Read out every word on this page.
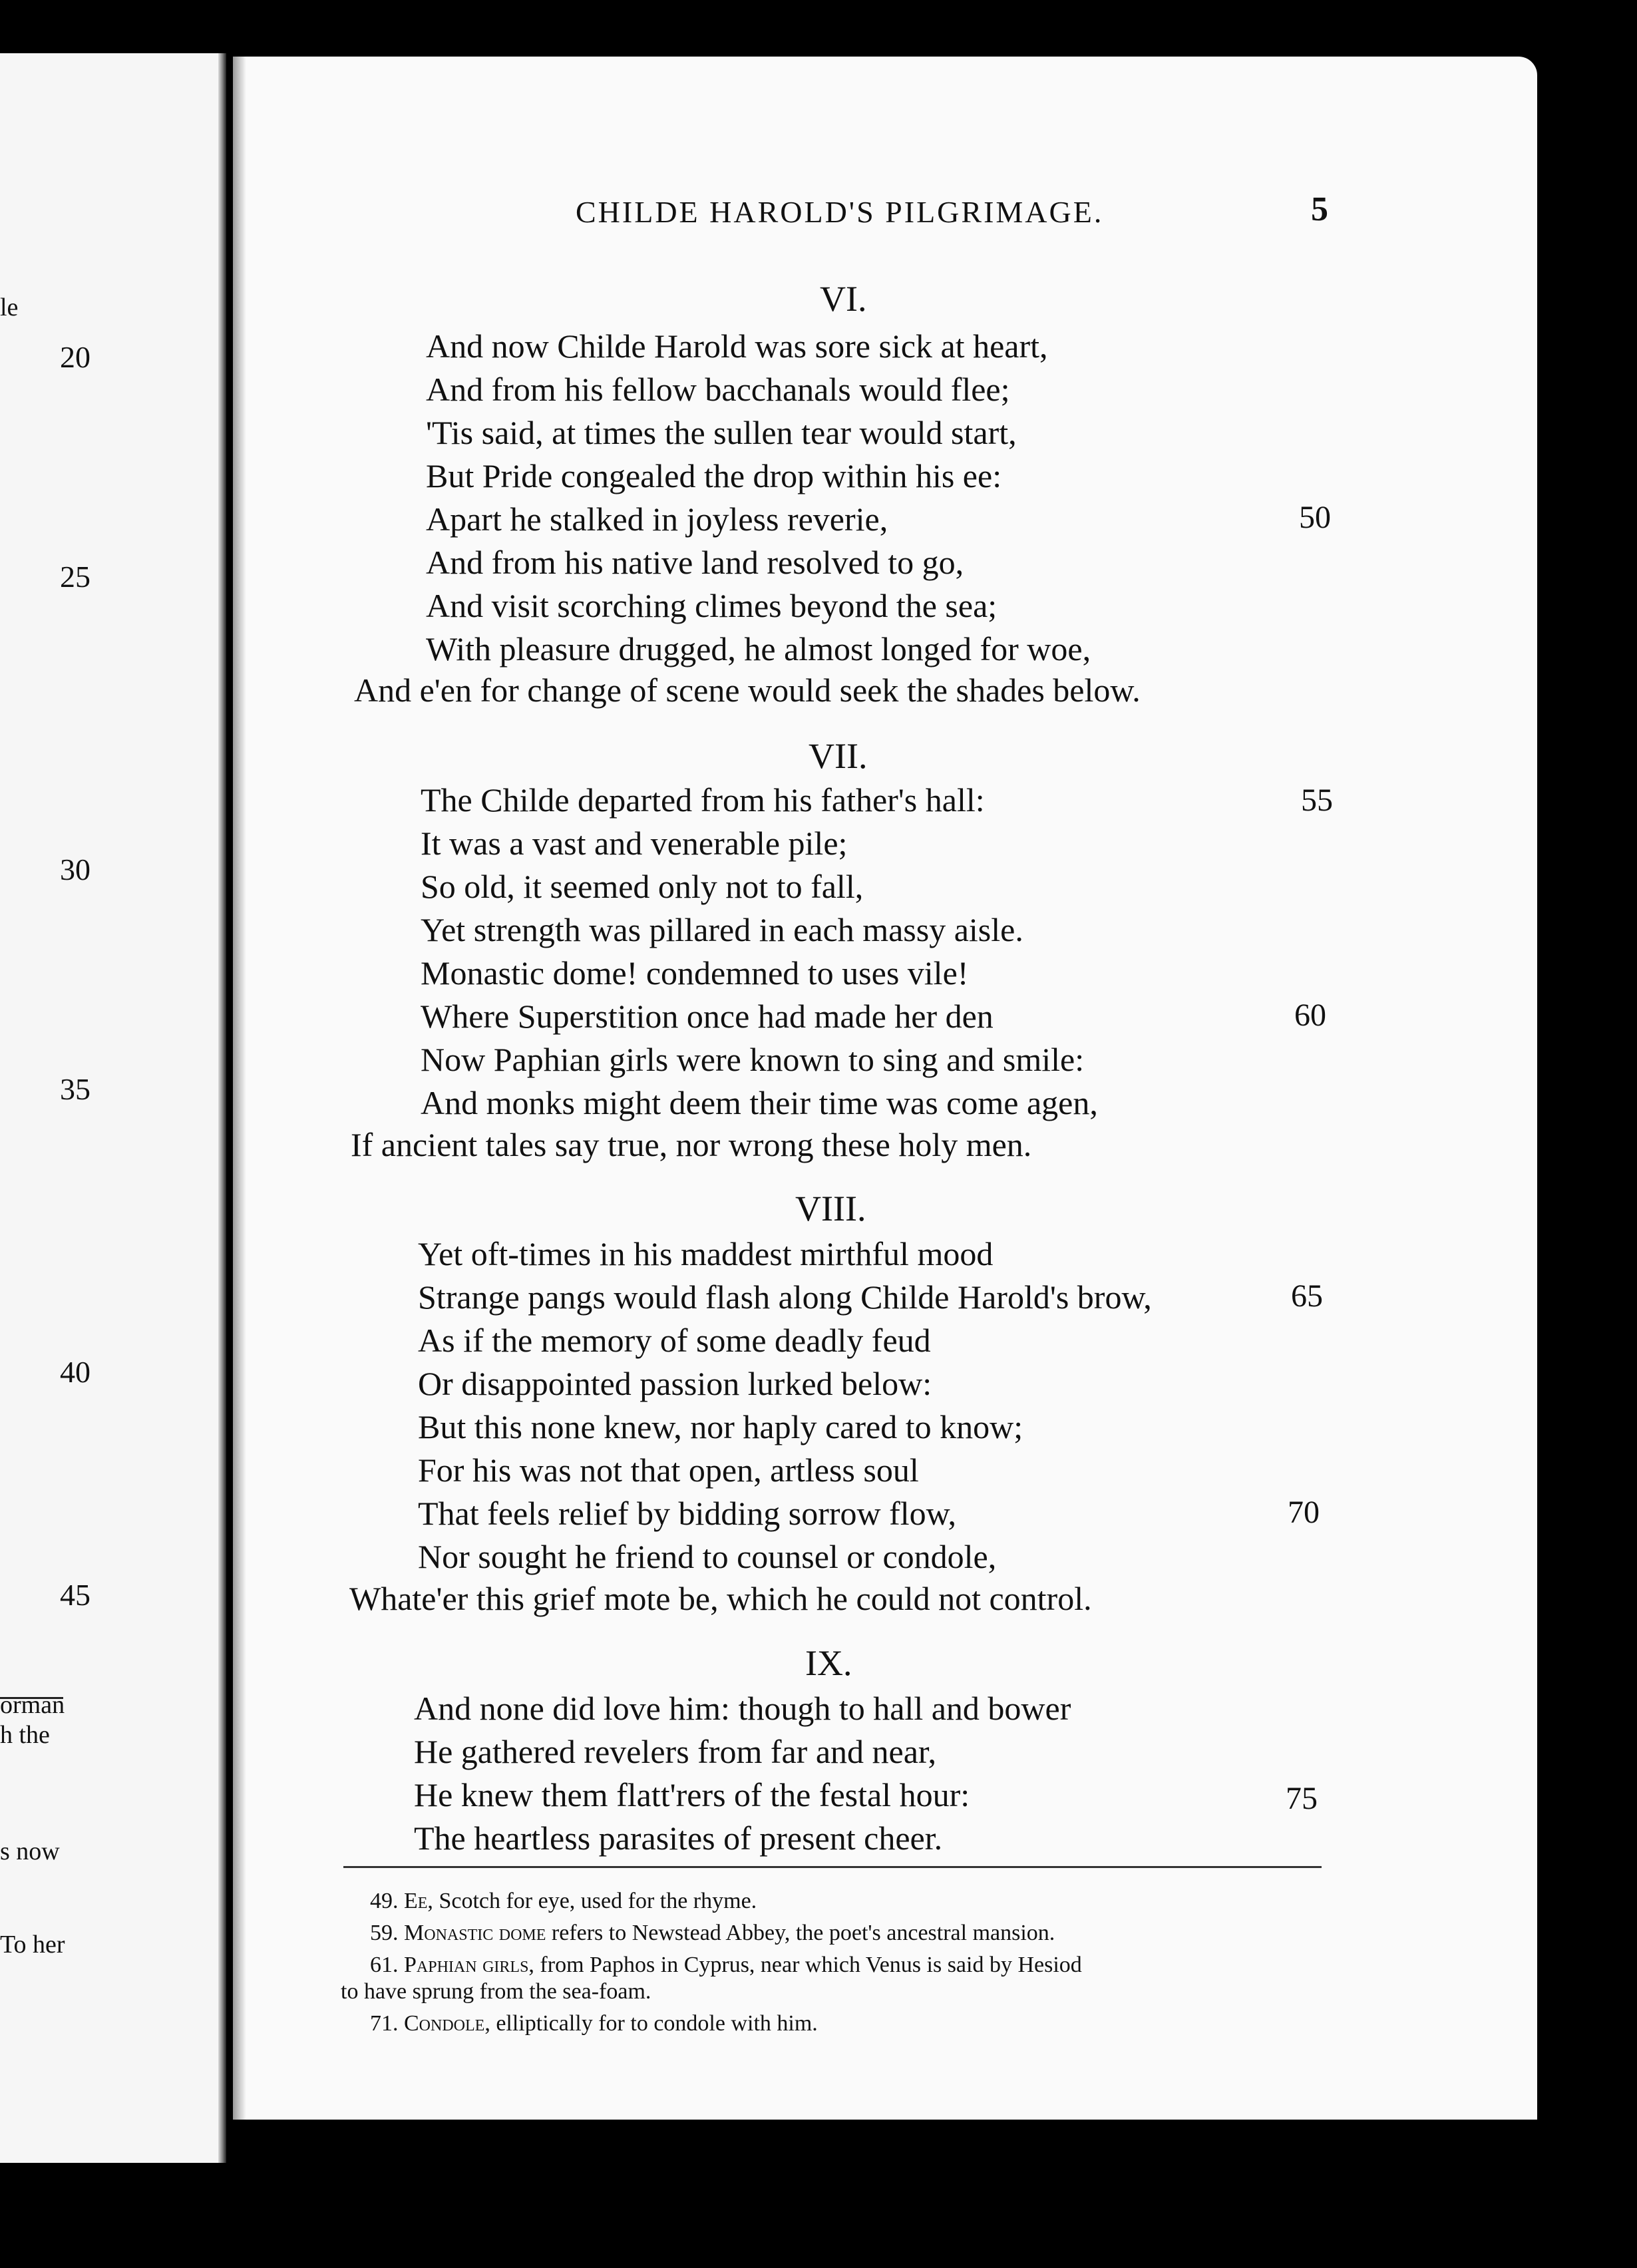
le
20
25
30
35
40
45
orman
h the
s now
To her
CHILDE HAROLD'S PILGRIMAGE.	5
VI.
And now Childe Harold was sore sick at heart,
And from his fellow bacchanals would flee;
'Tis said, at times the sullen tear would start,
But Pride congealed the drop within his ee:
Apart he stalked in joyless reverie,	50
And from his native land resolved to go,
And visit scorching climes beyond the sea;
With pleasure drugged, he almost longed for woe,
And e'en for change of scene would seek the shades below.
VII.
The Childe departed from his father's hall:	55
It was a vast and venerable pile;
So old, it seemed only not to fall,
Yet strength was pillared in each massy aisle.
Monastic dome! condemned to uses vile!
Where Superstition once had made her den	60
Now Paphian girls were known to sing and smile:
And monks might deem their time was come agen,
If ancient tales say true, nor wrong these holy men.
VIII.
Yet oft-times in his maddest mirthful mood
Strange pangs would flash along Childe Harold's brow,	65
As if the memory of some deadly feud
Or disappointed passion lurked below:
But this none knew, nor haply cared to know;
For his was not that open, artless soul
That feels relief by bidding sorrow flow,	70
Nor sought he friend to counsel or condole,
Whate'er this grief mote be, which he could not control.
IX.
And none did love him: though to hall and bower
He gathered revelers from far and near,
He knew them flatt'rers of the festal hour:	75
The heartless parasites of present cheer.
49. Ee, Scotch for eye, used for the rhyme.
59. Monastic dome refers to Newstead Abbey, the poet's ancestral mansion.
61. Paphian girls, from Paphos in Cyprus, near which Venus is said by Hesiod
to have sprung from the sea-foam.
71. Condole, elliptically for to condole with him.
